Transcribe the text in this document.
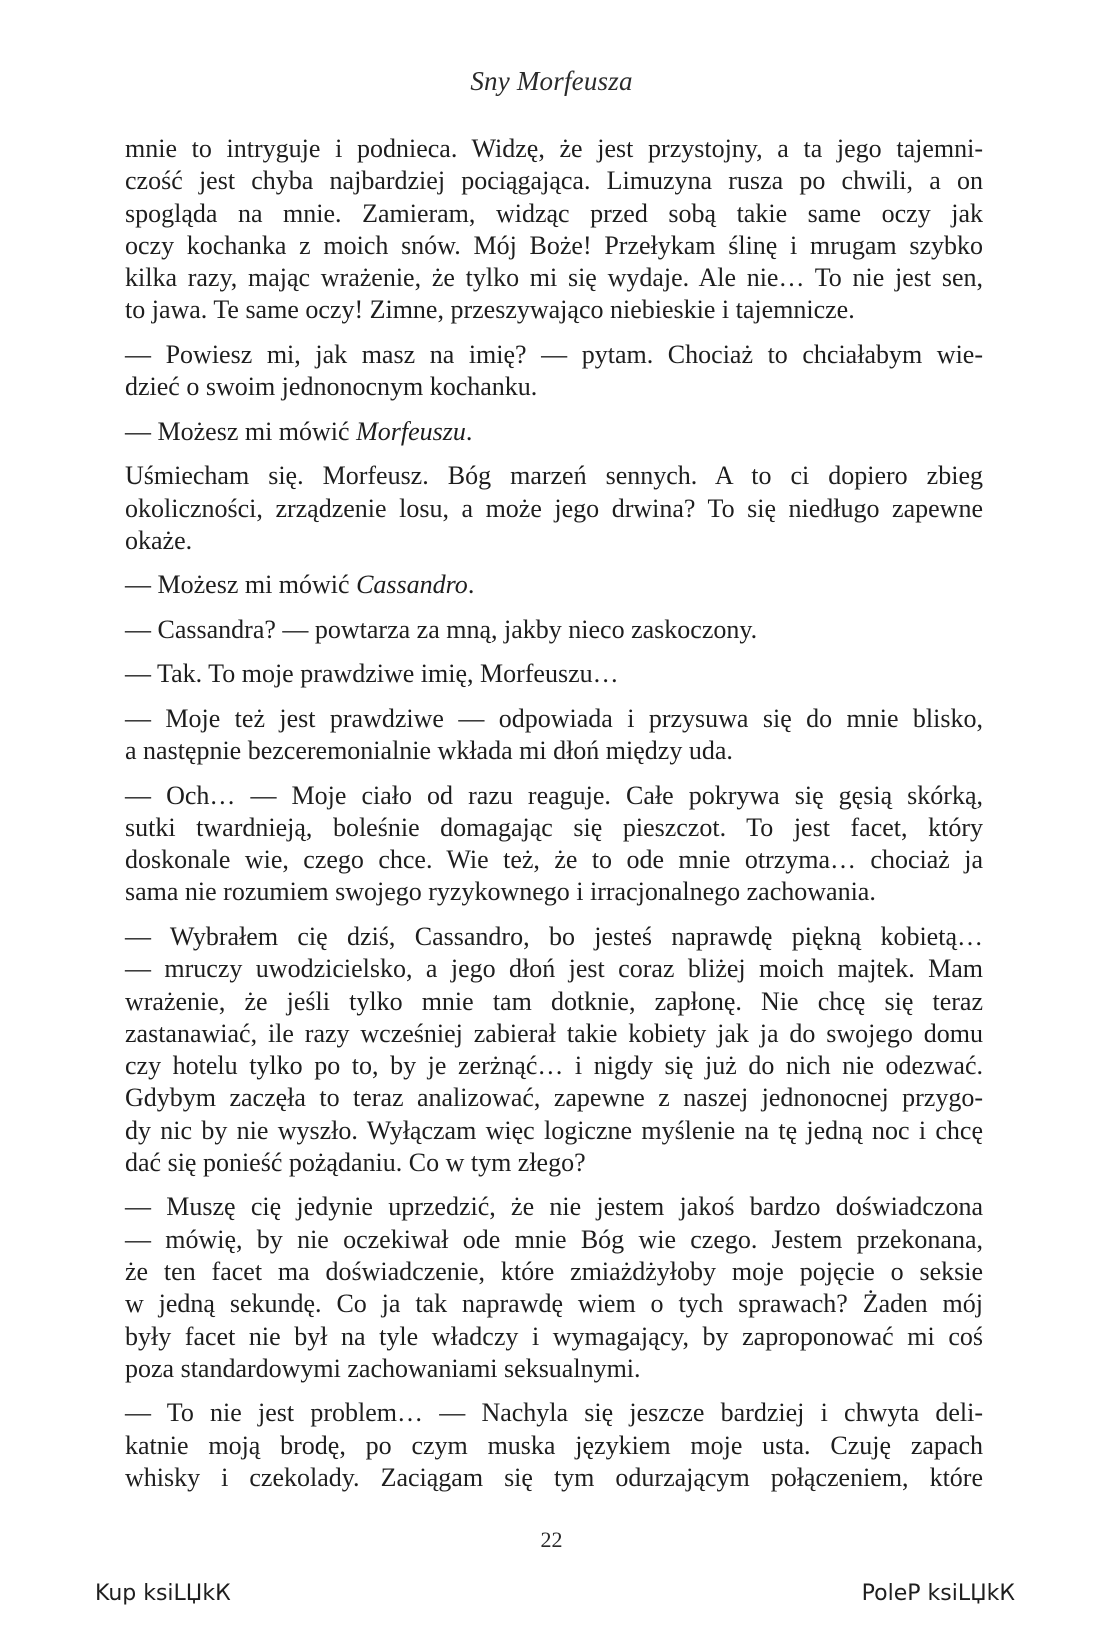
Sny Morfeusza

mnie to intryguje i podnieca. Widzę, że jest przystojny, a ta jego tajemni-
czość jest chyba najbardziej pociągająca. Limuzyna rusza po chwili, a on
spogląda na mnie. Zamieram, widząc przed sobą takie same oczy jak
oczy kochanka z moich snów. Mój Boże! Przełykam ślinę i mrugam szybko
kilka razy, mając wrażenie, że tylko mi się wydaje. Ale nie… To nie jest sen,
to jawa. Te same oczy! Zimne, przeszywająco niebieskie i tajemnicze.

— Powiesz mi, jak masz na imię? — pytam. Chociaż to chciałabym wie-
dzieć o swoim jednonocnym kochanku.

— Możesz mi mówić Morfeuszu.

Uśmiecham się. Morfeusz. Bóg marzeń sennych. A to ci dopiero zbieg
okoliczności, zrządzenie losu, a może jego drwina? To się niedługo zapewne
okaże.

— Możesz mi mówić Cassandro.

— Cassandra? — powtarza za mną, jakby nieco zaskoczony.

— Tak. To moje prawdziwe imię, Morfeuszu…

— Moje też jest prawdziwe — odpowiada i przysuwa się do mnie blisko,
a następnie bezceremonialnie wkłada mi dłoń między uda.

— Och… — Moje ciało od razu reaguje. Całe pokrywa się gęsią skórką,
sutki twardnieją, boleśnie domagając się pieszczot. To jest facet, który
doskonale wie, czego chce. Wie też, że to ode mnie otrzyma… chociaż ja
sama nie rozumiem swojego ryzykownego i irracjonalnego zachowania.

— Wybrałem cię dziś, Cassandro, bo jesteś naprawdę piękną kobietą…
— mruczy uwodzicielsko, a jego dłoń jest coraz bliżej moich majtek. Mam
wrażenie, że jeśli tylko mnie tam dotknie, zapłonę. Nie chcę się teraz
zastanawiać, ile razy wcześniej zabierał takie kobiety jak ja do swojego domu
czy hotelu tylko po to, by je zerżnąć… i nigdy się już do nich nie odezwać.
Gdybym zaczęła to teraz analizować, zapewne z naszej jednonocnej przygo-
dy nic by nie wyszło. Wyłączam więc logiczne myślenie na tę jedną noc i chcę
dać się ponieść pożądaniu. Co w tym złego?

— Muszę cię jedynie uprzedzić, że nie jestem jakoś bardzo doświadczona
— mówię, by nie oczekiwał ode mnie Bóg wie czego. Jestem przekonana,
że ten facet ma doświadczenie, które zmiażdżyłoby moje pojęcie o seksie
w jedną sekundę. Co ja tak naprawdę wiem o tych sprawach? Żaden mój
były facet nie był na tyle władczy i wymagający, by zaproponować mi coś
poza standardowymi zachowaniami seksualnymi.

— To nie jest problem… — Nachyla się jeszcze bardziej i chwyta deli-
katnie moją brodę, po czym muska językiem moje usta. Czuję zapach
whisky i czekolady. Zaciągam się tym odurzającym połączeniem, które

22
Kup ksiLЏkК	PoleP ksiLЏkК
